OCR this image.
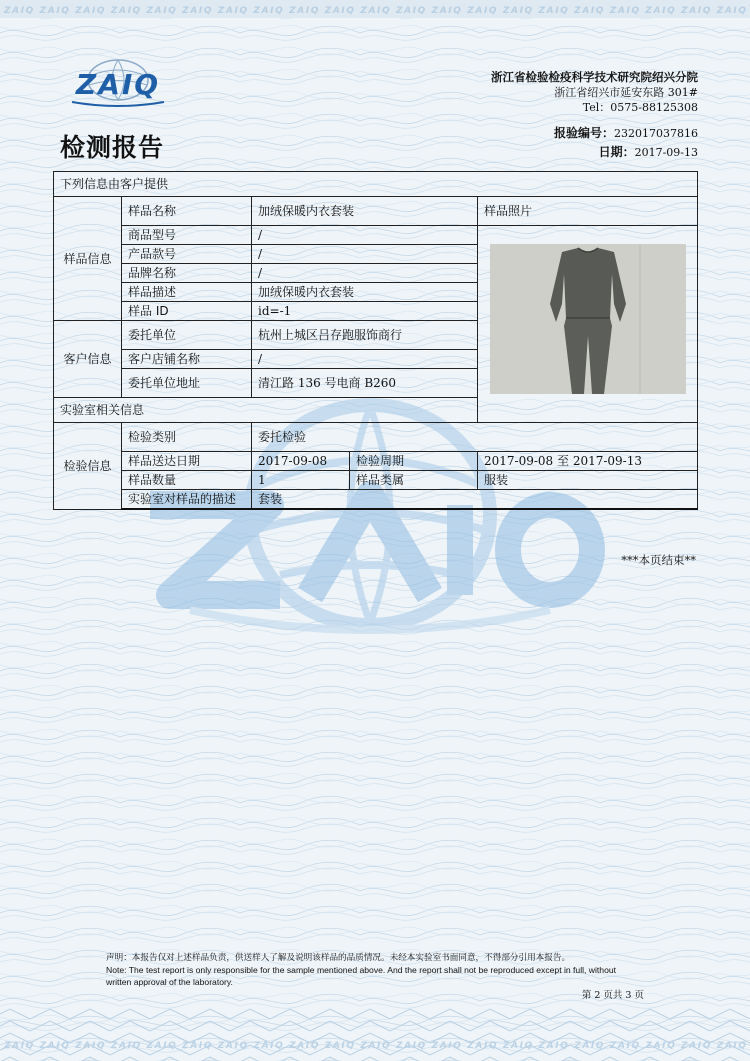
ZAIQ ZAIQ ZAIQ ZAIQ ZAIQ ZAIQ ZAIQ ZAIQ ZAIQ ZAIQ ZAIQ ZAIQ ZAIQ ZAIQ ZAIQ ZAIQ ZAIQ ZAIQ ZAIQ ZAIQ ZAIQ
ZAIQ	浙江省检验检疫科学技术研究院绍兴分院
浙江省绍兴市延安东路 301#
Tel：0575-88125308
检测报告	报验编号：232017037816
日期：2017-09-13
下列信息由客户提供				
样品信息	样品名称	加绒保暖内衣套装		样品照片
	商品型号	/	

	产品款号	/		
	品牌名称	/		
	样品描述	加绒保暖内衣套装		
	样品 ID	id=-1		
客户信息	委托单位	杭州上城区吕存跑服饰商行		
	客户店铺名称	/		
	委托单位地址	清江路 136 号电商 B260		
实验室相关信息				
检验信息	检验类别	委托检验		
	样品送达日期	2017-09-08	检验周期	2017-09-08 至 2017-09-13
	样品数量	1	样品类属	服装
	实验室对样品的描述	套装		
***本页结束**
声明：本报告仅对上述样品负责，供送样人了解及说明该样品的品质情况。未经本实验室书面同意，不得部分引用本报告。
Note: The test report is only responsible for the sample mentioned above. And the report shall not be reproduced except in full, without
written approval of the laboratory.
第 2 页共 3 页
ZAIQ ZAIQ ZAIQ ZAIQ ZAIQ ZAIQ ZAIQ ZAIQ ZAIQ ZAIQ ZAIQ ZAIQ ZAIQ ZAIQ ZAIQ ZAIQ ZAIQ ZAIQ ZAIQ ZAIQ ZAIQ
